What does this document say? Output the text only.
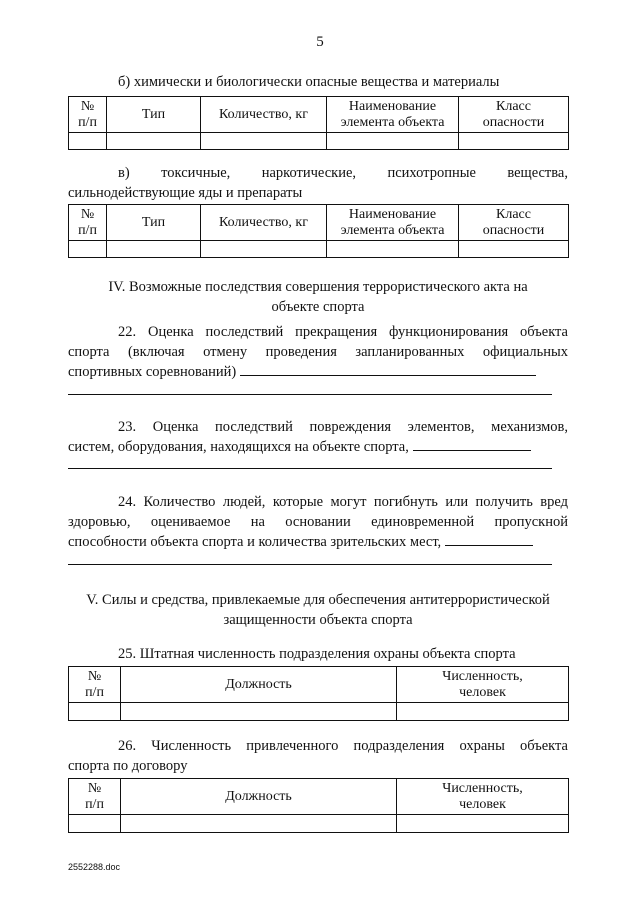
5
б) химически и биологически опасные вещества и материалы
№
п/п	Тип	Количество, кг	Наименование
элемента объекта	Класс
опасности

в) токсичные, наркотические, психотропные вещества,
сильнодействующие яды и препараты
№
п/п	Тип	Количество, кг	Наименование
элемента объекта	Класс
опасности

IV. Возможные последствия совершения террористического акта на
объекте спорта
22. Оценка последствий прекращения функционирования объекта
спорта (включая отмену проведения запланированных официальных
спортивных соревнований)
23. Оценка последствий повреждения элементов, механизмов,
систем, оборудования, находящихся на объекте спорта,
24. Количество людей, которые могут погибнуть или получить вред
здоровью, оцениваемое на основании единовременной пропускной
способности объекта спорта и количества зрительских мест,
V. Силы и средства, привлекаемые для обеспечения антитеррористической
защищенности объекта спорта
25. Штатная численность подразделения охраны объекта спорта
№
п/п	Должность	Численность,
человек

26. Численность привлеченного подразделения охраны объекта
спорта по договору
№
п/п	Должность	Численность,
человек

2552288.doc
